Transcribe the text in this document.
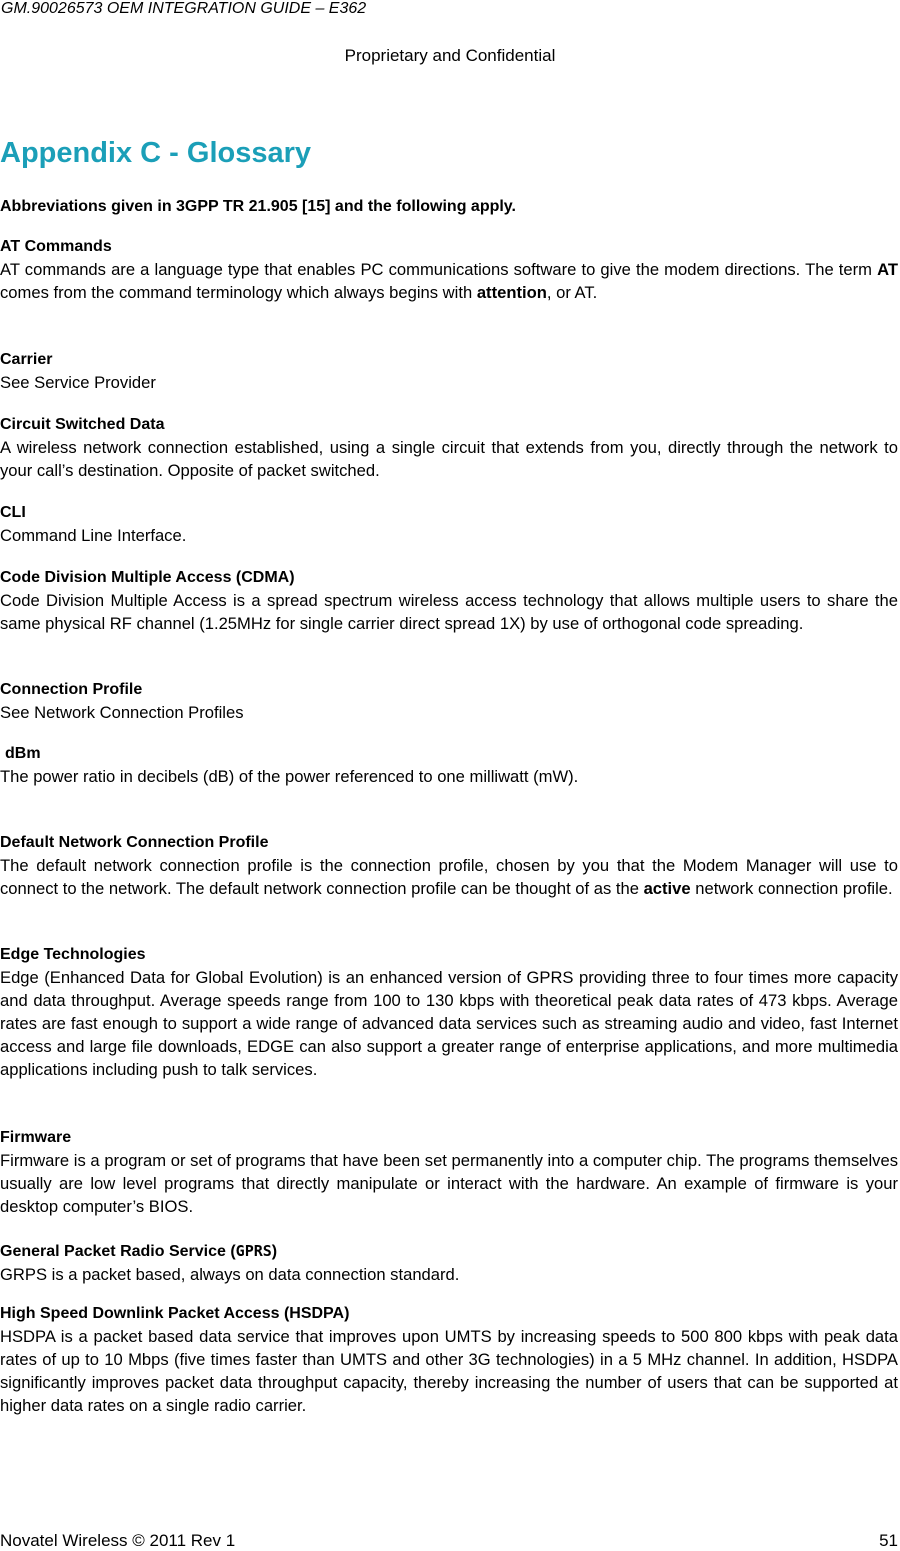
GM.90026573 OEM INTEGRATION GUIDE – E362
Proprietary and Confidential
Appendix C - Glossary
Abbreviations given in 3GPP TR 21.905 [15] and the following apply.
AT Commands
AT commands are a language type that enables PC communications software to give the modem directions. The term AT comes from the command terminology which always begins with attention, or AT.
Carrier
See Service Provider
Circuit Switched Data
A wireless network connection established, using a single circuit that extends from you, directly through the network to your call’s destination. Opposite of packet switched.
CLI
Command Line Interface.
Code Division Multiple Access (CDMA)
Code Division Multiple Access is a spread spectrum wireless access technology that allows multiple users to share the same physical RF channel (1.25MHz for single carrier direct spread 1X) by use of orthogonal code spreading.
Connection Profile
See Network Connection Profiles
dBm
The power ratio in decibels (dB) of the power referenced to one milliwatt (mW).
Default Network Connection Profile
The default network connection profile is the connection profile, chosen by you that the Modem Manager will use to connect to the network. The default network connection profile can be thought of as the active network connection profile.
Edge Technologies
Edge (Enhanced Data for Global Evolution) is an enhanced version of GPRS providing three to four times more capacity and data throughput. Average speeds range from 100 to 130 kbps with theoretical peak data rates of 473 kbps. Average rates are fast enough to support a wide range of advanced data services such as streaming audio and video, fast Internet access and large file downloads, EDGE can also support a greater range of enterprise applications, and more multimedia applications including push to talk services.
Firmware
Firmware is a program or set of programs that have been set permanently into a computer chip. The programs themselves usually are low level programs that directly manipulate or interact with the hardware. An example of firmware is your desktop computer’s BIOS.
General Packet Radio Service (GPRS)
GRPS is a packet based, always on data connection standard.
High Speed Downlink Packet Access (HSDPA)
HSDPA is a packet based data service that improves upon UMTS by increasing speeds to 500 800 kbps with peak data rates of up to 10 Mbps (five times faster than UMTS and other 3G technologies) in a 5 MHz channel. In addition, HSDPA significantly improves packet data throughput capacity, thereby increasing the number of users that can be supported at higher data rates on a single radio carrier.
Novatel Wireless © 2011 Rev 1	51
